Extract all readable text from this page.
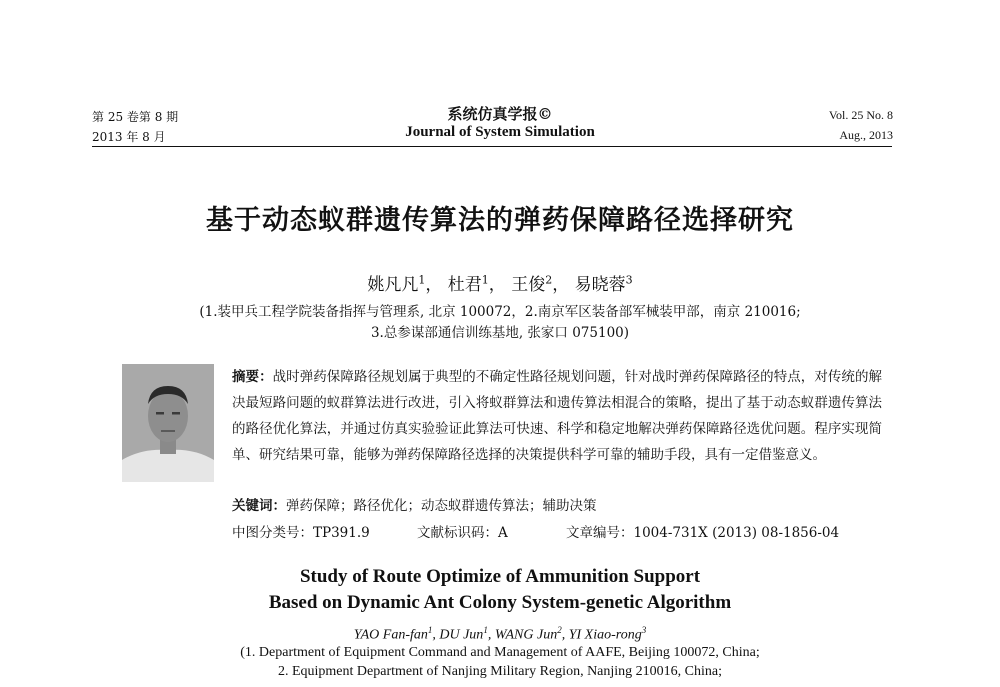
第 25 卷第 8 期
2013 年 8 月
系统仿真学报©
Journal of System Simulation
Vol. 25 No. 8
Aug., 2013
基于动态蚁群遗传算法的弹药保障路径选择研究
姚凡凡$^1$， 杜君$^1$， 王俊$^2$， 易晓蓉$^3$
(1.装甲兵工程学院装备指挥与管理系, 北京 100072，2.南京军区装备部军械装甲部，南京 210016;
3.总参谋部通信训练基地, 张家口 075100)
摘要：战时弹药保障路径规划属于典型的不确定性路径规划问题，针对战时弹药保障路径的特点，对传统的解决最短路问题的蚁群算法进行改进，引入将蚁群算法和遗传算法相混合的策略，提出了基于动态蚁群遗传算法的路径优化算法，并通过仿真实验验证此算法可快速、科学和稳定地解决弹药保障路径选优问题。程序实现简单、研究结果可靠，能够为弹药保障路径选择的决策提供科学可靠的辅助手段，具有一定借鉴意义。
关键词：弹药保障；路径优化；动态蚁群遗传算法；辅助决策
中图分类号：TP391.9	文献标识码：A	文章编号：1004-731X (2013) 08-1856-04
Study of Route Optimize of Ammunition Support
Based on Dynamic Ant Colony System-genetic Algorithm
YAO Fan-fan$^1$, DU Jun$^1$, WANG Jun$^2$, YI Xiao-rong$^3$
(1. Department of Equipment Command and Management of AAFE, Beijing 100072, China;
2. Equipment Department of Nanjing Military Region, Nanjing 210016, China;
